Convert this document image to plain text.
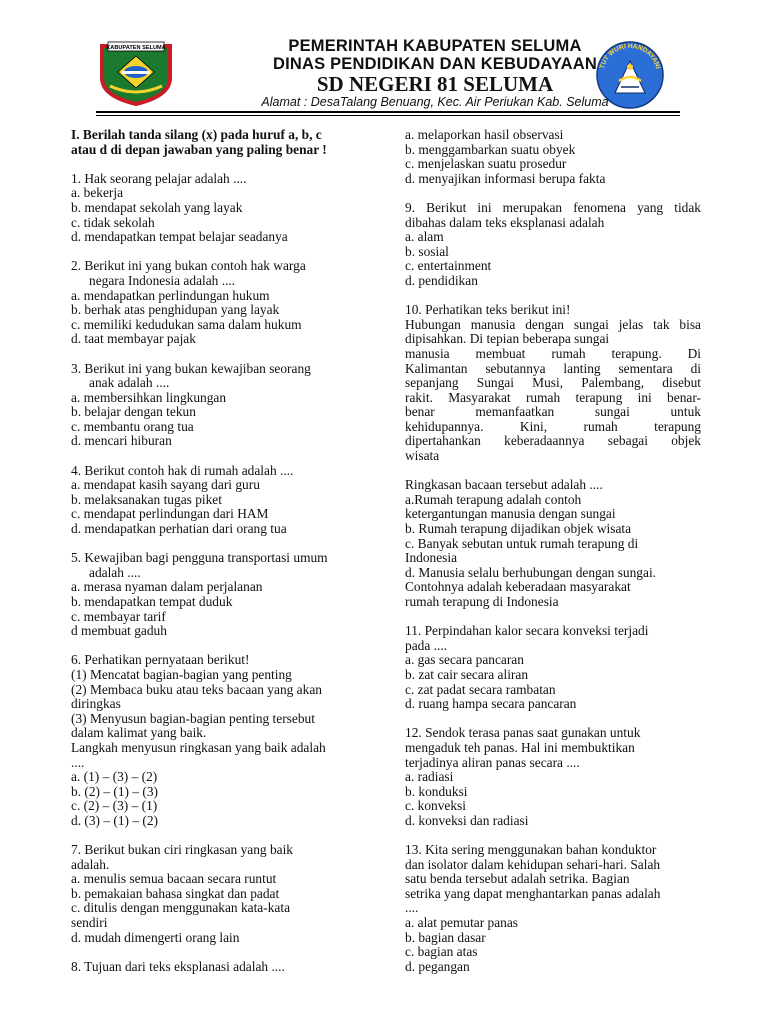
KABUPATEN SELUMA
TUT WURI HANDAYANI
PEMERINTAH KABUPATEN SELUMA
DINAS PENDIDIKAN DAN KEBUDAYAAN
SD NEGERI 81 SELUMA
Alamat : DesaTalang Benuang, Kec. Air Periukan Kab. Seluma
I. Berilah tanda silang (x) pada huruf a, b, c
atau d di depan jawaban yang paling benar !
1. Hak seorang pelajar adalah ....
a. bekerja
b. mendapat sekolah yang layak
c. tidak sekolah
d. mendapatkan tempat belajar seadanya
2. Berikut ini yang bukan contoh hak warga
negara Indonesia adalah ....
a. mendapatkan perlindungan hukum
b. berhak atas penghidupan yang layak
c. memiliki kedudukan sama dalam hukum
d. taat membayar pajak
3. Berikut ini yang bukan kewajiban seorang
anak adalah ....
a. membersihkan lingkungan
b. belajar dengan tekun
c. membantu orang tua
d. mencari hiburan
4. Berikut contoh hak di rumah adalah ....
a. mendapat kasih sayang dari guru
b. melaksanakan tugas piket
c. mendapat perlindungan dari HAM
d. mendapatkan perhatian dari orang tua
5. Kewajiban bagi pengguna transportasi umum
adalah ....
a. merasa nyaman dalam perjalanan
b. mendapatkan tempat duduk
c. membayar tarif
d membuat gaduh
6. Perhatikan pernyataan berikut!
(1) Mencatat bagian-bagian yang penting
(2) Membaca buku atau teks bacaan yang akan
diringkas
(3) Menyusun bagian-bagian penting tersebut
dalam kalimat yang baik.
Langkah menyusun ringkasan yang baik adalah
....
a. (1) – (3) – (2)
b. (2) – (1) – (3)
c. (2) – (3) – (1)
d. (3) – (1) – (2)
7. Berikut bukan ciri ringkasan yang baik
adalah.
a. menulis semua bacaan secara runtut
b. pemakaian bahasa singkat dan padat
c. ditulis dengan menggunakan kata-kata
sendiri
d. mudah dimengerti orang lain
8. Tujuan dari teks eksplanasi adalah ....
a. melaporkan hasil observasi
b. menggambarkan suatu obyek
c. menjelaskan suatu prosedur
d. menyajikan informasi berupa fakta
9. Berikut ini merupakan fenomena yang tidak
dibahas dalam teks eksplanasi adalah
a. alam
b. sosial
c. entertainment
d. pendidikan
10. Perhatikan teks berikut ini!
Hubungan manusia dengan sungai jelas tak bisa
dipisahkan. Di tepian beberapa sungai
manusia membuat rumah terapung. Di
Kalimantan sebutannya lanting sementara di
sepanjang Sungai Musi, Palembang, disebut
rakit. Masyarakat rumah terapung ini benar-
benar memanfaatkan sungai untuk
kehidupannya. Kini, rumah terapung
dipertahankan keberadaannya sebagai objek
wisata
Ringkasan bacaan tersebut adalah ....
a.Rumah terapung adalah contoh
ketergantungan manusia dengan sungai
b. Rumah terapung dijadikan objek wisata
c. Banyak sebutan untuk rumah terapung di
Indonesia
d. Manusia selalu berhubungan dengan sungai.
Contohnya adalah keberadaan masyarakat
rumah terapung di Indonesia
11. Perpindahan kalor secara konveksi terjadi
pada ....
a. gas secara pancaran
b. zat cair secara aliran
c. zat padat secara rambatan
d. ruang hampa secara pancaran
12. Sendok terasa panas saat gunakan untuk
mengaduk teh panas. Hal ini membuktikan
terjadinya aliran panas secara ....
a. radiasi
b. konduksi
c. konveksi
d. konveksi dan radiasi
13. Kita sering menggunakan bahan konduktor
dan isolator dalam kehidupan sehari-hari. Salah
satu benda tersebut adalah setrika. Bagian
setrika yang dapat menghantarkan panas adalah
....
a. alat pemutar panas
b. bagian dasar
c. bagian atas
d. pegangan
